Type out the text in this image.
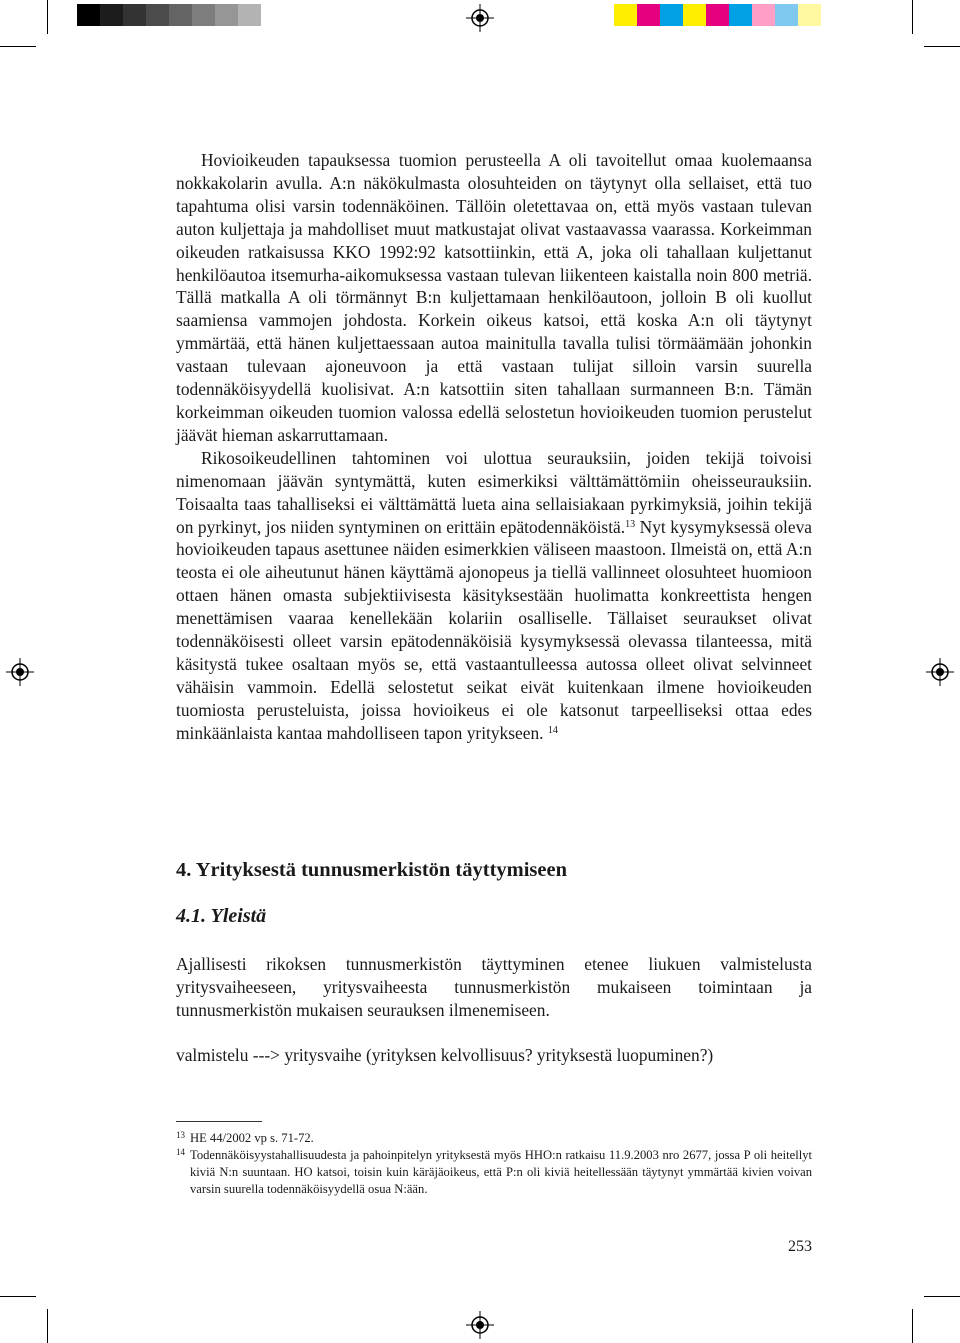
Hovioikeuden tapauksessa tuomion perusteella A oli tavoitellut omaa kuolemaansa nokkakolarin avulla. A:n näkökulmasta olosuhteiden on täytynyt olla sellaiset, että tuo tapahtuma olisi varsin todennäköinen. Tällöin oletettavaa on, että myös vastaan tulevan auton kuljettaja ja mahdolliset muut matkustajat olivat vastaavassa vaarassa. Korkeimman oikeuden ratkaisussa KKO 1992:92 katsottiinkin, että A, joka oli tahallaan kuljettanut henkilöautoa itsemurha-aikomuksessa vastaan tulevan liikenteen kaistalla noin 800 metriä. Tällä matkalla A oli törmännyt B:n kuljettamaan henkilöautoon, jolloin B oli kuollut saamiensa vammojen johdosta. Korkein oikeus katsoi, että koska A:n oli täytynyt ymmärtää, että hänen kuljettaessaan autoa mainitulla tavalla tulisi törmäämään johonkin vastaan tulevaan ajoneuvoon ja että vastaan tulijat silloin varsin suurella todennäköisyydellä kuolisivat. A:n katsottiin siten tahallaan surmanneen B:n. Tämän korkeimman oikeuden tuomion valossa edellä selostetun hovioikeuden tuomion perustelut jäävät hieman askarruttamaan.

Rikosoikeudellinen tahtominen voi ulottua seurauksiin, joiden tekijä toivoisi nimenomaan jäävän syntymättä, kuten esimerkiksi välttämättömiin oheisseurauksiin. Toisaalta taas tahalliseksi ei välttämättä lueta aina sellaisiakaan pyrkimyksiä, joihin tekijä on pyrkinyt, jos niiden syntyminen on erittäin epätodennäköistä.$^{13}$ Nyt kysymyksessä oleva hovioikeuden tapaus asettunee näiden esimerkkien väliseen maastoon. Ilmeistä on, että A:n teosta ei ole aiheutunut hänen käyttämä ajonopeus ja tiellä vallinneet olosuhteet huomioon ottaen hänen omasta subjektiivisesta käsityksestään huolimatta konkreettista hengen menettämisen vaaraa kenellekään kolariin osalliselle. Tällaiset seuraukset olivat todennäköisesti olleet varsin epätodennäköisiä kysymyksessä olevassa tilanteessa, mitä käsitystä tukee osaltaan myös se, että vastaantulleessa autossa olleet olivat selvinneet vähäisin vammoin. Edellä selostetut seikat eivät kuitenkaan ilmene hovioikeuden tuomiosta perusteluista, joissa hovioikeus ei ole katsonut tarpeelliseksi ottaa edes minkäänlaista kantaa mahdolliseen tapon yritykseen. $^{14}$

4. Yrityksestä tunnusmerkistön täyttymiseen
4.1. Yleistä

Ajallisesti rikoksen tunnusmerkistön täyttyminen etenee liukuen valmistelusta yritysvaiheeseen, yritysvaiheesta tunnusmerkistön mukaiseen toimintaan ja tunnusmerkistön mukaisen seurauksen ilmenemiseen.

valmistelu ---> yritysvaihe (yrityksen kelvollisuus? yrityksestä luopuminen?)

13 HE 44/2002 vp s. 71-72.
14 Todennäköisyystahallisuudesta ja pahoinpitelyn yrityksestä myös HHO:n ratkaisu 11.9.2003 nro 2677, jossa P oli heitellyt kiviä N:n suuntaan. HO katsoi, toisin kuin käräjäoikeus, että P:n oli kiviä heitellessään täytynyt ymmärtää kivien voivan varsin suurella todennäköisyydellä osua N:ään.
253
